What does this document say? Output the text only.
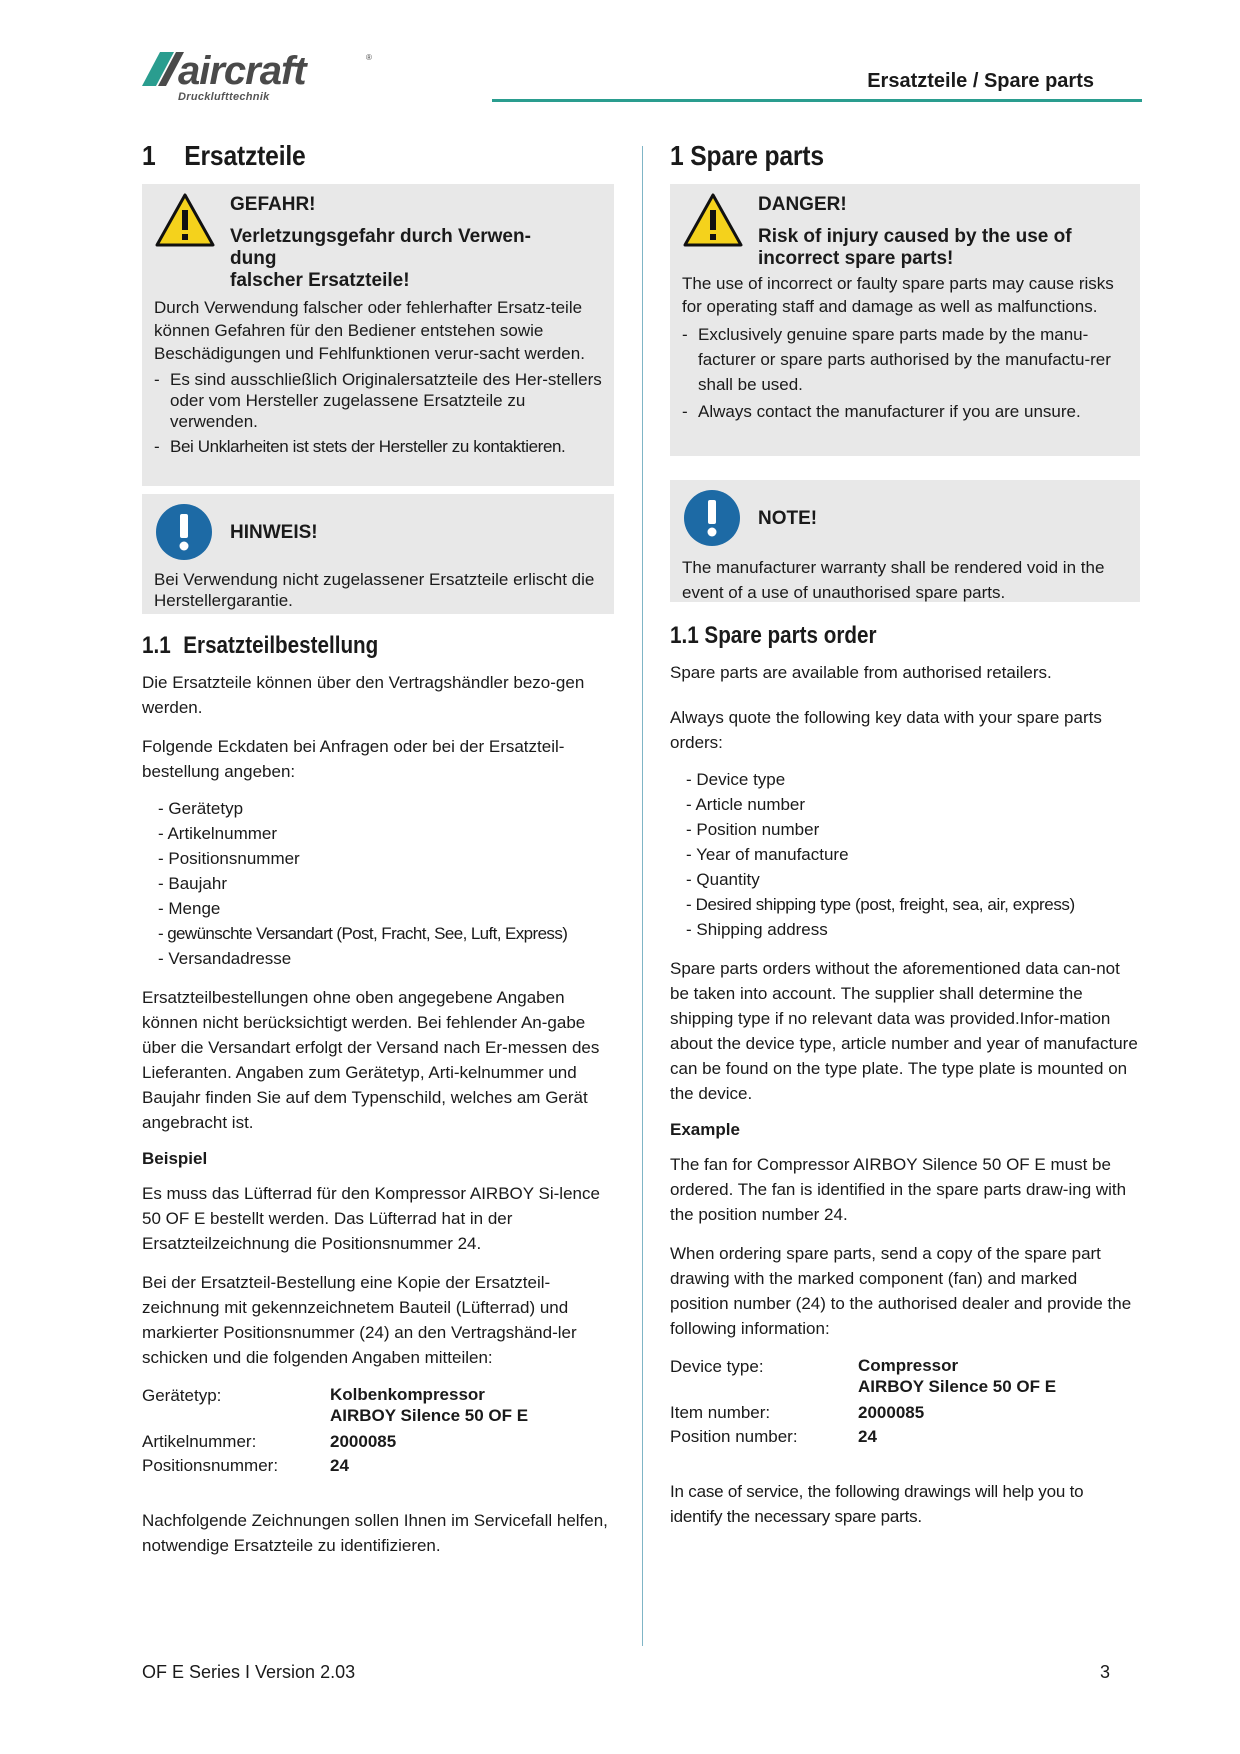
aircraft	®
Drucklufttechnik
Ersatzteile / Spare parts
1 Ersatzteile
GEFAHR!
Verletzungsgefahr durch Verwen-
dung
falscher Ersatzteile!
Durch Verwendung falscher oder fehlerhafter Ersatz-teile können Gefahren für den Bediener entstehen sowie Beschädigungen und Fehlfunktionen verur-sacht werden.
- Es sind ausschließlich Originalersatzteile des Her-stellers oder vom Hersteller zugelassene Ersatzteile zu verwenden.
- Bei Unklarheiten ist stets der Hersteller zu kontaktieren.
HINWEIS!
Bei Verwendung nicht zugelassener Ersatzteile erlischt die Herstellergarantie.
1.1 Ersatzteilbestellung

Die Ersatzteile können über den Vertragshändler bezo-gen werden.

Folgende Eckdaten bei Anfragen oder bei der Ersatzteil-bestellung angeben:

- Gerätetyp
- Artikelnummer
- Positionsnummer
- Baujahr
- Menge
- gewünschte Versandart (Post, Fracht, See, Luft, Express)
- Versandadresse

Ersatzteilbestellungen ohne oben angegebene Angaben können nicht berücksichtigt werden. Bei fehlender An-gabe über die Versandart erfolgt der Versand nach Er-messen des Lieferanten. Angaben zum Gerätetyp, Arti-kelnummer und Baujahr finden Sie auf dem Typenschild, welches am Gerät angebracht ist.

Beispiel

Es muss das Lüfterrad für den Kompressor AIRBOY Si-lence 50 OF E bestellt werden. Das Lüfterrad hat in der Ersatzteilzeichnung die Positionsnummer 24.

Bei der Ersatzteil-Bestellung eine Kopie der Ersatzteil-zeichnung mit gekennzeichnetem Bauteil (Lüfterrad) und markierter Positionsnummer (24) an den Vertragshänd-ler schicken und die folgenden Angaben mitteilen:

Gerätetyp:	Kolbenkompressor
AIRBOY Silence 50 OF E

Artikelnummer:	2000085
Positionsnummer:	24

Nachfolgende Zeichnungen sollen Ihnen im Servicefall helfen, notwendige Ersatzteile zu identifizieren.

1 Spare parts
DANGER!
Risk of injury caused by the use of
incorrect spare parts!
The use of incorrect or faulty spare parts may cause risks for operating staff and damage as well as malfunctions.
- Exclusively genuine spare parts made by the manu-facturer or spare parts authorised by the manufactu-rer shall be used.
- Always contact the manufacturer if you are unsure.
NOTE!
The manufacturer warranty shall be rendered void in the event of a use of unauthorised spare parts.
1.1 Spare parts order

Spare parts are available from authorised retailers.

Always quote the following key data with your spare parts orders:

- Device type
- Article number
- Position number
- Year of manufacture
- Quantity
- Desired shipping type (post, freight, sea, air, express)
- Shipping address

Spare parts orders without the aforementioned data can-not be taken into account. The supplier shall determine the shipping type if no relevant data was provided.Infor-mation about the device type, article number and year of manufacture can be found on the type plate. The type plate is mounted on the device.

Example

The fan for Compressor AIRBOY Silence 50 OF E must be ordered. The fan is identified in the spare parts draw-ing with the position number 24.

When ordering spare parts, send a copy of the spare part drawing with the marked component (fan) and marked position number (24) to the authorised dealer and provide the following information:

Device type:	Compressor
AIRBOY Silence 50 OF E

Item number:	2000085
Position number:	24

In case of service, the following drawings will help you to identify the necessary spare parts.

OF E Series I Version 2.03	3
